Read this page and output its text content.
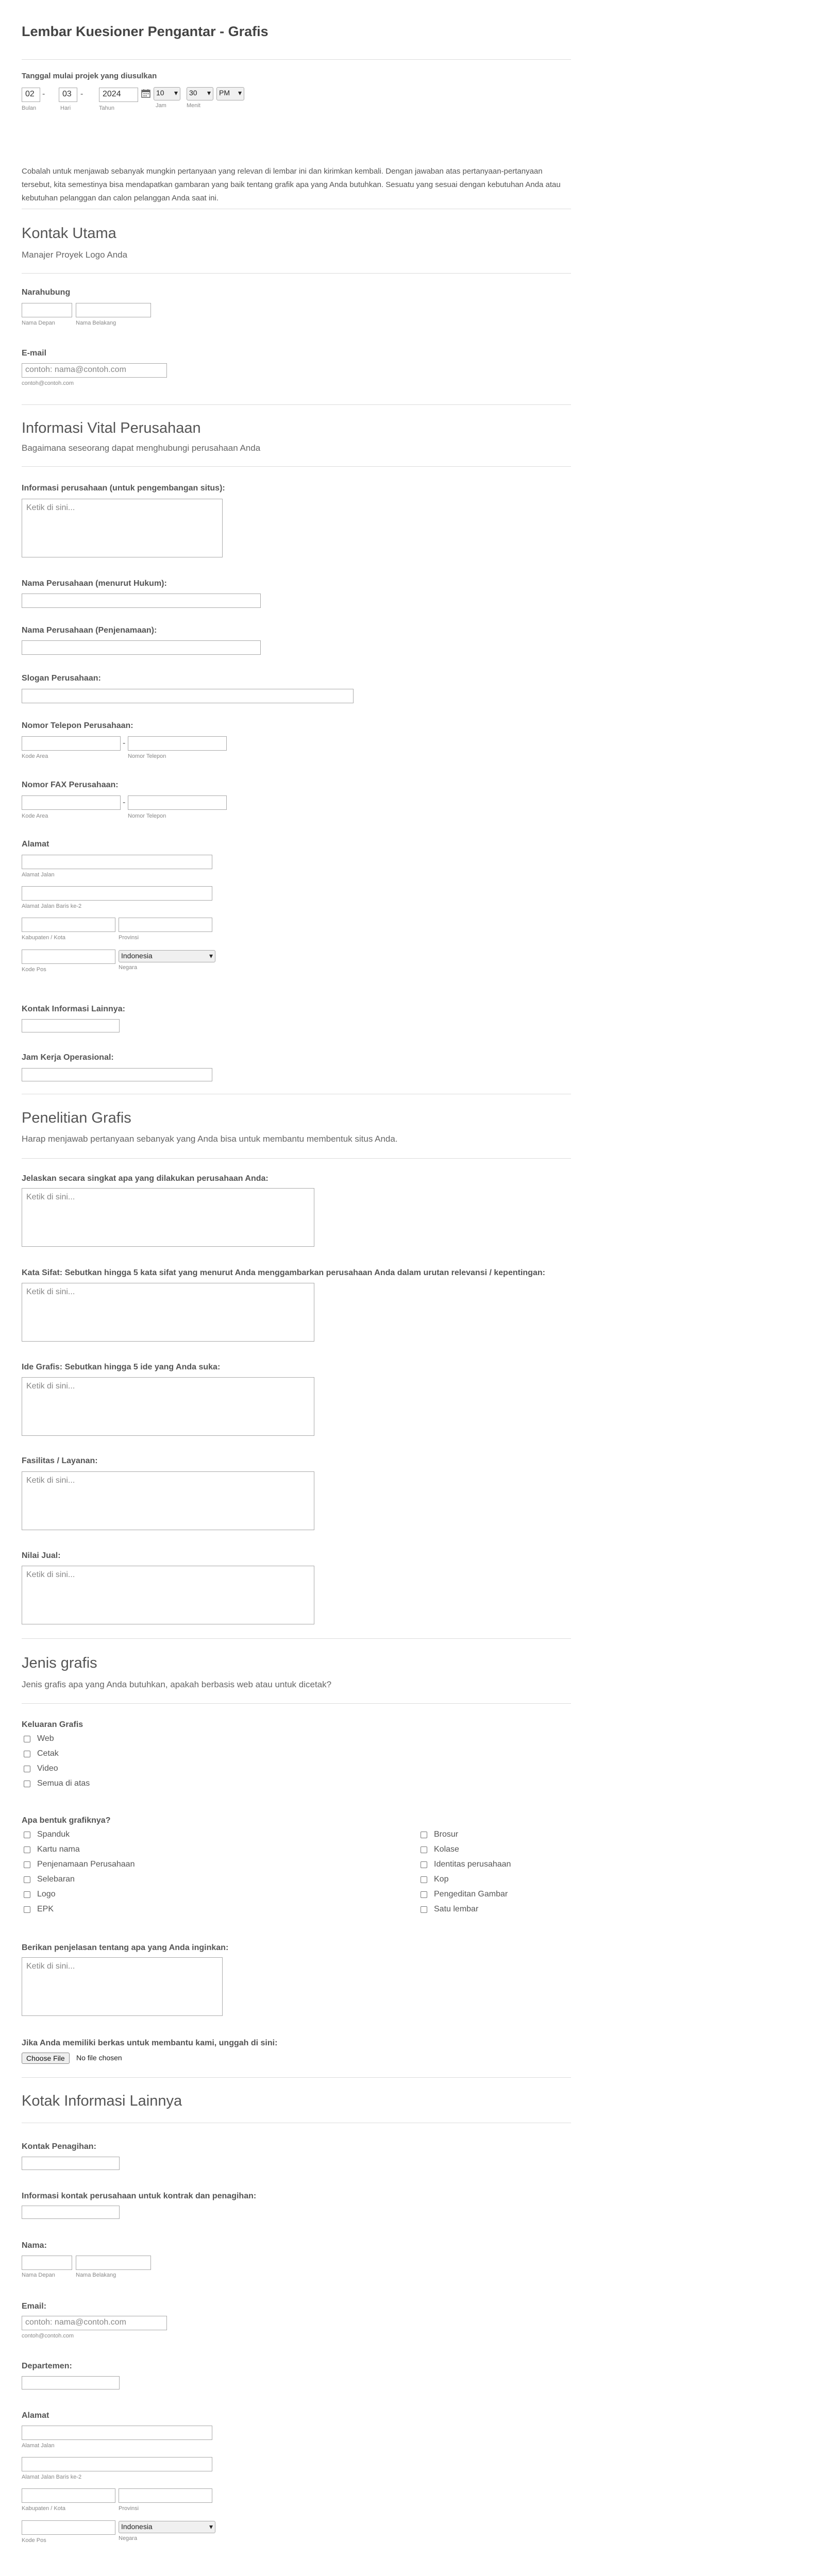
Lembar Kuesioner Pengantar - Grafis
Tanggal mulai projek yang diusulkan
02 -	03	-	2024	10 ▾	30 ▾	PM ▾
Bulan	Hari	Tahun	Jam	Menit
Cobalah untuk menjawab sebanyak mungkin pertanyaan yang relevan di lembar ini dan kirimkan kembali. Dengan jawaban atas pertanyaan-pertanyaan tersebut, kita semestinya bisa mendapatkan gambaran yang baik tentang grafik apa yang Anda butuhkan. Sesuatu yang sesuai dengan kebutuhan Anda atau kebutuhan pelanggan dan calon pelanggan Anda saat ini.
Kontak Utama
Manajer Proyek Logo Anda
Narahubung
Nama Depan	Nama Belakang
E-mail
contoh: nama@contoh.com
contoh@contoh.com
Informasi Vital Perusahaan
Bagaimana seseorang dapat menghubungi perusahaan Anda
Informasi perusahaan (untuk pengembangan situs):
Ketik di sini...
Nama Perusahaan (menurut Hukum):
Nama Perusahaan (Penjenamaan):
Slogan Perusahaan:
Nomor Telepon Perusahaan:
-
Kode Area	Nomor Telepon
Nomor FAX Perusahaan:
-
Kode Area	Nomor Telepon
Alamat
Alamat Jalan
Alamat Jalan Baris ke-2
Kabupaten / Kota	Provinsi
Indonesia	▾
Kode Pos	Negara
Kontak Informasi Lainnya:
Jam Kerja Operasional:
Penelitian Grafis
Harap menjawab pertanyaan sebanyak yang Anda bisa untuk membantu membentuk situs Anda.
Jelaskan secara singkat apa yang dilakukan perusahaan Anda:
Ketik di sini...
Kata Sifat: Sebutkan hingga 5 kata sifat yang menurut Anda menggambarkan perusahaan Anda dalam urutan relevansi / kepentingan:
Ketik di sini...
Ide Grafis: Sebutkan hingga 5 ide yang Anda suka:
Ketik di sini...
Fasilitas / Layanan:
Ketik di sini...
Nilai Jual:
Ketik di sini...
Jenis grafis
Jenis grafis apa yang Anda butuhkan, apakah berbasis web atau untuk dicetak?
Keluaran Grafis
Web
Cetak
Video
Semua di atas
Apa bentuk grafiknya?
Spanduk
Kartu nama
Penjenamaan Perusahaan
Selebaran
Logo
EPK
Brosur
Kolase
Identitas perusahaan
Kop
Pengeditan Gambar
Satu lembar
Berikan penjelasan tentang apa yang Anda inginkan:
Ketik di sini...
Jika Anda memiliki berkas untuk membantu kami, unggah di sini:
Choose File	No file chosen
Kotak Informasi Lainnya
Kontak Penagihan:
Informasi kontak perusahaan untuk kontrak dan penagihan:
Nama:
Nama Depan	Nama Belakang
Email:
contoh: nama@contoh.com
contoh@contoh.com
Departemen:
Alamat
Alamat Jalan
Alamat Jalan Baris ke-2
Kabupaten / Kota	Provinsi
Indonesia	▾
Kode Pos	Negara
